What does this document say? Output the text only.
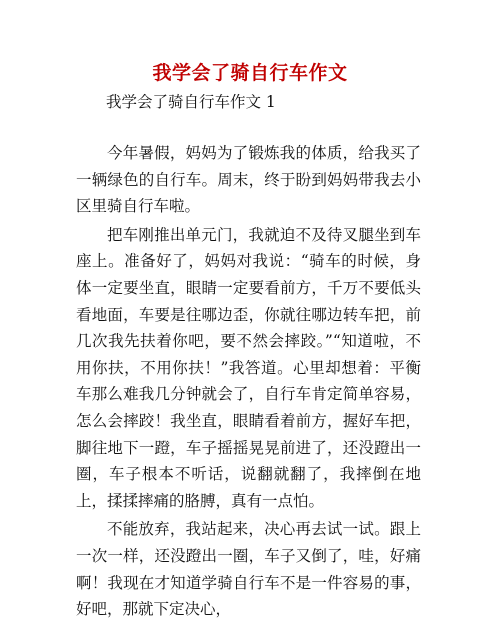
我学会了骑自行车作文
我学会了骑自行车作文 1

今年暑假，妈妈为了锻炼我的体质，给我买了一辆绿色的自行车。周末，终于盼到妈妈带我去小区里骑自行车啦。

把车刚推出单元门，我就迫不及待叉腿坐到车座上。准备好了，妈妈对我说：“骑车的时候，身体一定要坐直，眼睛一定要看前方，千万不要低头看地面，车要是往哪边歪，你就往哪边转车把，前几次我先扶着你吧，要不然会摔跤。”“知道啦，不用你扶，不用你扶！”我答道。心里却想着：平衡车那么难我几分钟就会了，自行车肯定简单容易，怎么会摔跤！我坐直，眼睛看着前方，握好车把，脚往地下一蹬，车子摇摇晃晃前进了，还没蹬出一圈，车子根本不听话，说翻就翻了，我摔倒在地上，揉揉摔痛的胳膊，真有一点怕。

不能放弃，我站起来，决心再去试一试。跟上一次一样，还没蹬出一圈，车子又倒了，哇，好痛啊！我现在才知道学骑自行车不是一件容易的事，好吧，那就下定决心，
